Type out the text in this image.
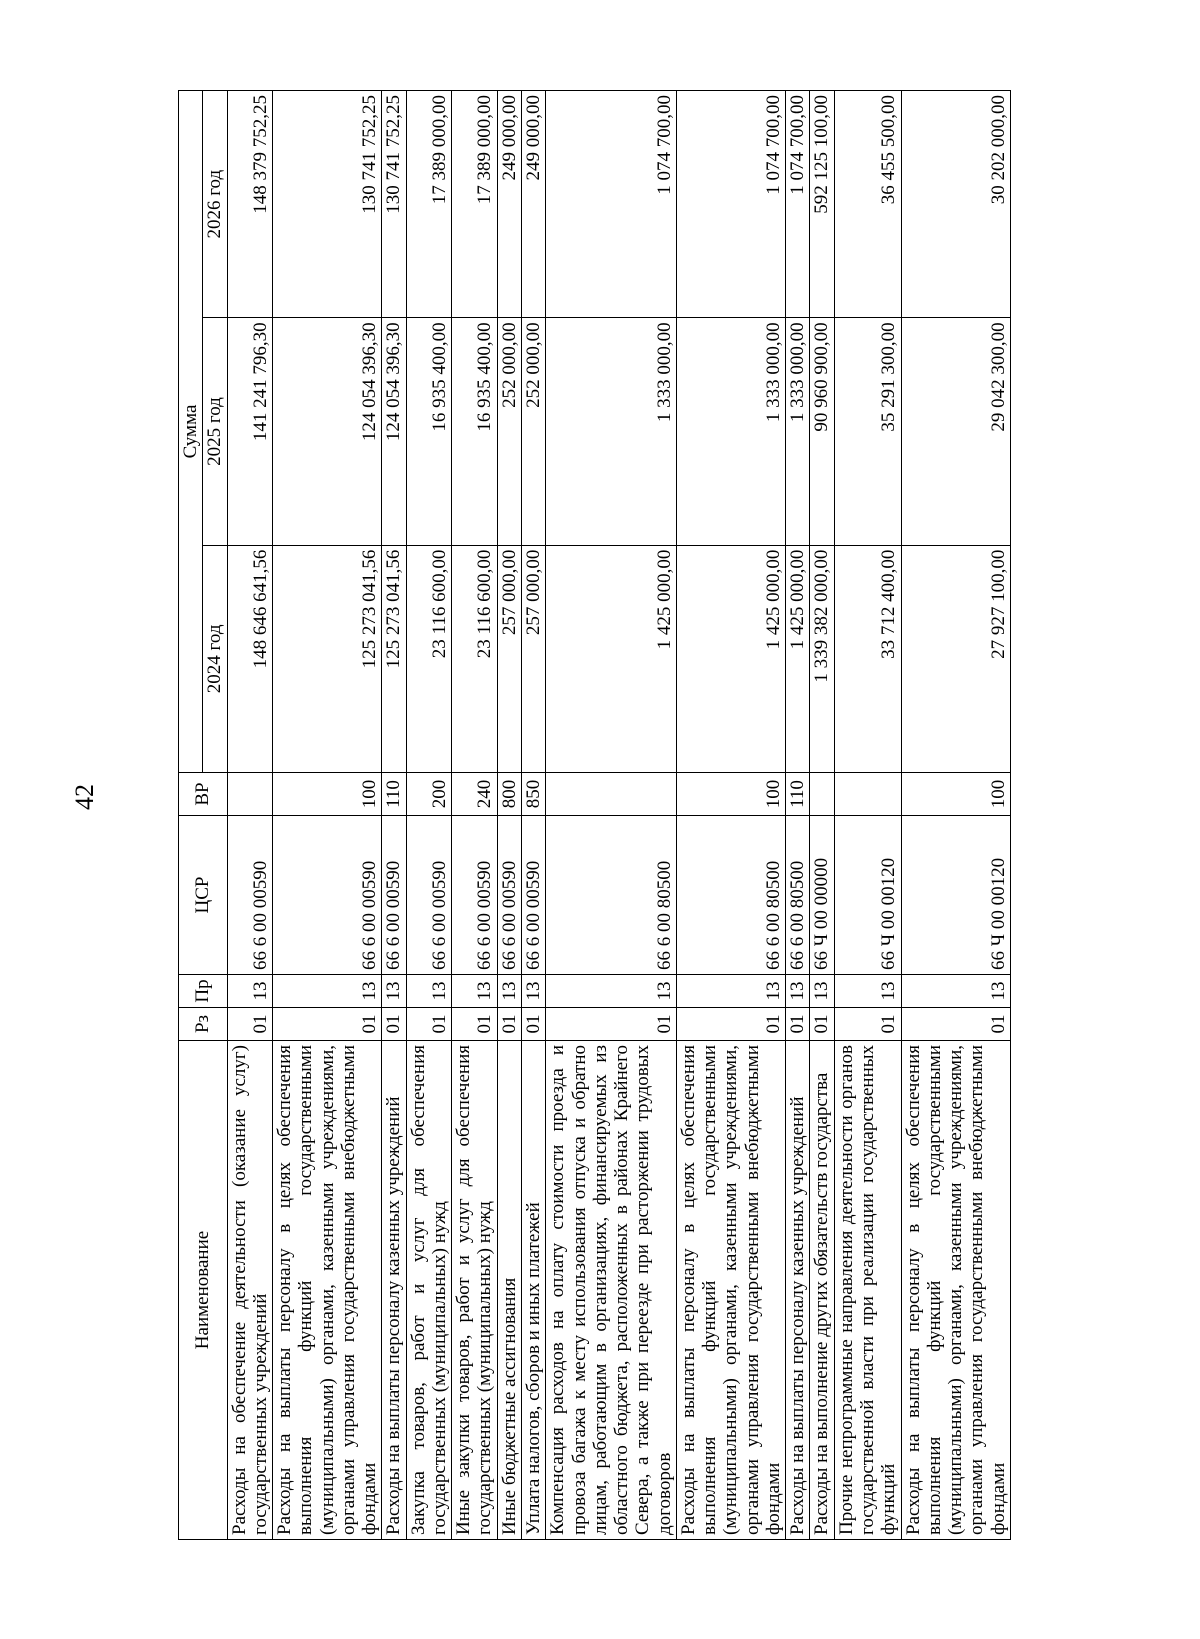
42
Наименование	Рз	Пр	ЦСР	ВР	Сумма		
					2024 год	2025 год	2026 год
Расходы на обеспечение деятельности (оказание услуг) государственных учреждений	01	13	66 6 00 00590		148 646 641,56	141 241 796,30	148 379 752,25
Расходы на выплаты персоналу в целях обеспечения выполнения функций государственными (муниципальными) органами, казенными учреждениями, органами управления государственными внебюджетными фондами	01	13	66 6 00 00590	100	125 273 041,56	124 054 396,30	130 741 752,25
Расходы на выплаты персоналу казенных учреждений	01	13	66 6 00 00590	110	125 273 041,56	124 054 396,30	130 741 752,25
Закупка товаров, работ и услуг для обеспечения государственных (муниципальных) нужд	01	13	66 6 00 00590	200	23 116 600,00	16 935 400,00	17 389 000,00
Иные закупки товаров, работ и услуг для обеспечения государственных (муниципальных) нужд	01	13	66 6 00 00590	240	23 116 600,00	16 935 400,00	17 389 000,00
Иные бюджетные ассигнования	01	13	66 6 00 00590	800	257 000,00	252 000,00	249 000,00
Уплата налогов, сборов и иных платежей	01	13	66 6 00 00590	850	257 000,00	252 000,00	249 000,00
Компенсация расходов на оплату стоимости проезда и провоза багажа к месту использования отпуска и обратно лицам, работающим в организациях, финансируемых из областного бюджета, расположенных в районах Крайнего Севера, а также при переезде при расторжении трудовых договоров	01	13	66 6 00 80500		1 425 000,00	1 333 000,00	1 074 700,00
Расходы на выплаты персоналу в целях обеспечения выполнения функций государственными (муниципальными) органами, казенными учреждениями, органами управления государственными внебюджетными фондами	01	13	66 6 00 80500	100	1 425 000,00	1 333 000,00	1 074 700,00
Расходы на выплаты персоналу казенных учреждений	01	13	66 6 00 80500	110	1 425 000,00	1 333 000,00	1 074 700,00
Расходы на выполнение других обязательств государства	01	13	66 Ч 00 00000		1 339 382 000,00	90 960 900,00	592 125 100,00
Прочие непрограммные направления деятельности органов государственной власти при реализации государственных функций	01	13	66 Ч 00 00120		33 712 400,00	35 291 300,00	36 455 500,00
Расходы на выплаты персоналу в целях обеспечения выполнения функций государственными (муниципальными) органами, казенными учреждениями, органами управления государственными внебюджетными фондами	01	13	66 Ч 00 00120	100	27 927 100,00	29 042 300,00	30 202 000,00
